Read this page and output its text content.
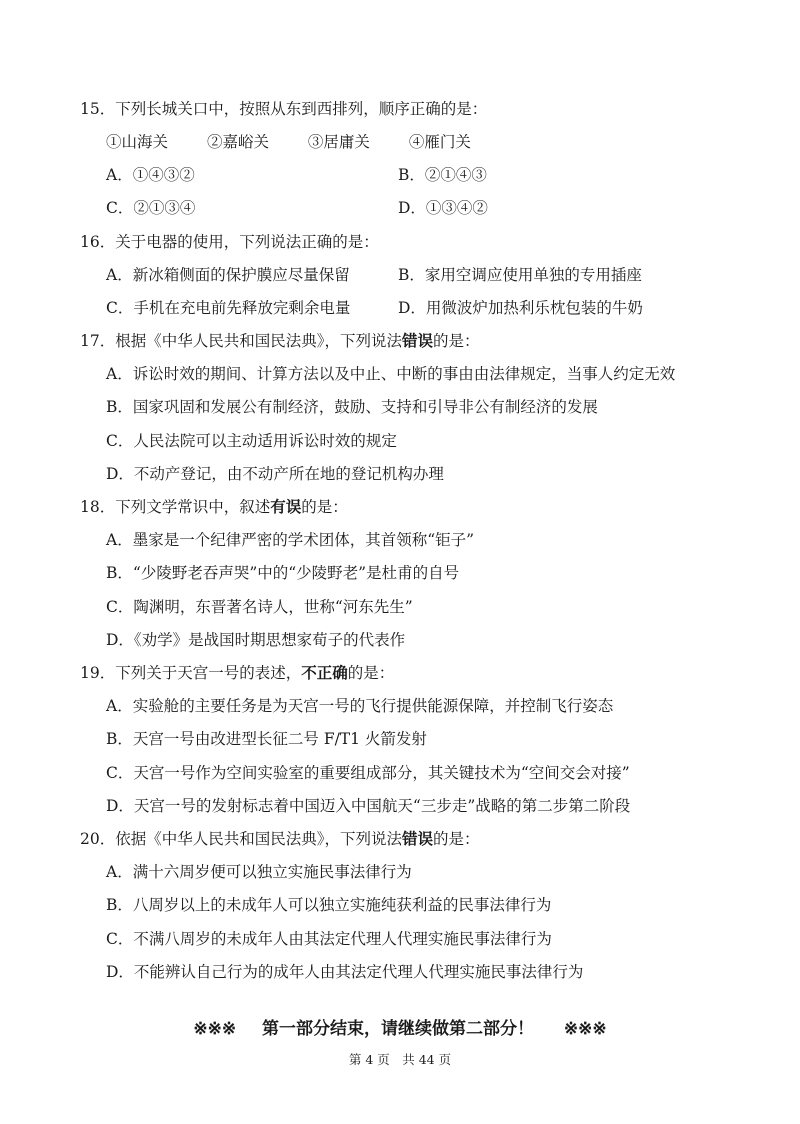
15．下列长城关口中，按照从东到西排列，顺序正确的是：
①山海关	②嘉峪关	③居庸关	④雁门关
A．①④③②	B．②①④③
C．②①③④	D．①③④②
16．关于电器的使用，下列说法正确的是：
A．新冰箱侧面的保护膜应尽量保留	B．家用空调应使用单独的专用插座
C．手机在充电前先释放完剩余电量	D．用微波炉加热利乐枕包装的牛奶
17．根据《中华人民共和国民法典》，下列说法错误的是：
A．诉讼时效的期间、计算方法以及中止、中断的事由由法律规定，当事人约定无效
B．国家巩固和发展公有制经济，鼓励、支持和引导非公有制经济的发展
C．人民法院可以主动适用诉讼时效的规定
D．不动产登记，由不动产所在地的登记机构办理
18．下列文学常识中，叙述有误的是：
A．墨家是一个纪律严密的学术团体，其首领称“钜子”
B．“少陵野老吞声哭”中的“少陵野老”是杜甫的自号
C．陶渊明，东晋著名诗人，世称“河东先生”
D．《劝学》是战国时期思想家荀子的代表作
19．下列关于天宫一号的表述，不正确的是：
A．实验舱的主要任务是为天宫一号的飞行提供能源保障，并控制飞行姿态
B．天宫一号由改进型长征二号 F/T1 火箭发射
C．天宫一号作为空间实验室的重要组成部分，其关键技术为“空间交会对接”
D．天宫一号的发射标志着中国迈入中国航天“三步走”战略的第二步第二阶段
20．依据《中华人民共和国民法典》，下列说法错误的是：
A．满十六周岁便可以独立实施民事法律行为
B．八周岁以上的未成年人可以独立实施纯获利益的民事法律行为
C．不满八周岁的未成年人由其法定代理人代理实施民事法律行为
D．不能辨认自己行为的成年人由其法定代理人代理实施民事法律行为
※※※ 第一部分结束，请继续做第二部分！ ※※※
第 4 页　共 44 页
